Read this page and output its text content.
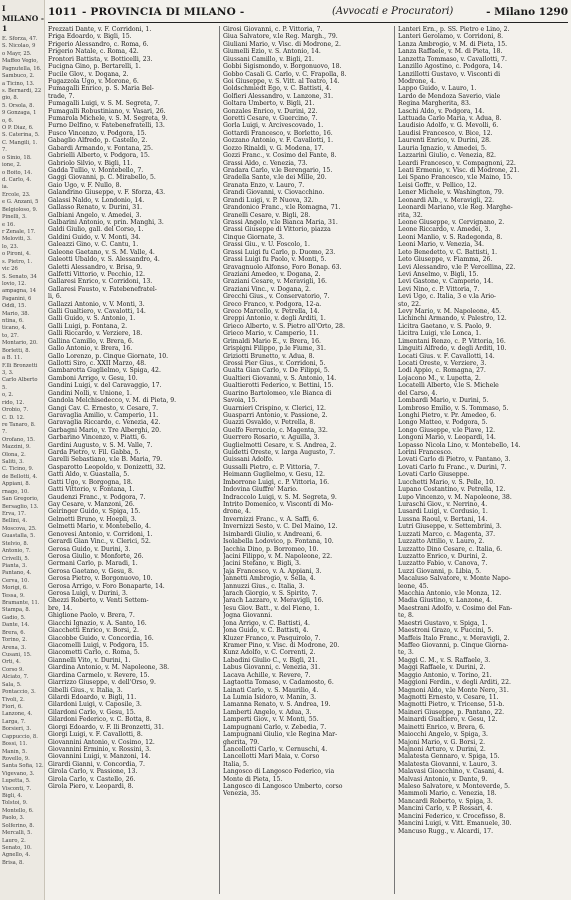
I MILANO - 1
E. Sforza, 47.
S. Nicolao, 9
o Mayr, 25.
Maffeo Vegio,
Pagnutella, 16.
Sambuco, 2.
a Ticino, 13.
s. Bernardi, 22
gio, 8.
5. Orsola, 8.
9 Gonzaga, 1
o, 6.
O P. Diaz, 6.
S. Caterina, 5.
C. Mangili, 1.
7.
o Sinio, 18.
ione, 2.
o Boito, 14.
d. Carlo, 4.
ia.
Ercole, 23.
e G. Anzani, 5
Belgioloso, 9.
Pinelli, 3.
e 16.
r Zenale, 17.
Meloviti, 3.
lo, 23.
o Pironi, 4.
s. Pietro, 1.
vic 26
S. Senato, 34
lovio, 12.
ampagna, 14
Paganini, 6
Oddi, 15.
Mario, 38.
ntina, 6.
ticano, 4.
to, 27.
Montario, 20.
Borletti, 8.
a B. 11.
F.lli Bronzetti
3, 3.
Carlo Alberto
5.
o, 2.
rido, 12.
Orobio, 7.
C. D. 12.
re Tanaro, 8.
7.
Orofano, 15.
Mazzini, 9.
Olona, 2.
Saliti, 3.
C. Ticino, 9.
de Bellotti, 4.
Appiani, 8.
rnago, 10.
San Gregorio,
Bersaglio, 13.
Erva, 17.
Bellini, 4.
Moscova, 25.
Guastalla, 5.
Stelvio, 8.
Antonio, 7.
Crivelli, 5.
Pianta, 3.
Pantano, 4.
Cerva, 10.
Morigi, 6.
Tessa, 9.
Bramante, 11.
Stampa, 8.
Gadio, 5.
Dante, 14.
Brera, 6.
Torino, 2.
Arena, 3.
Cusani, 15.
Orti, 4.
Corso 9.
Alciato, 7.
Sala, 5.
Pontaccio, 3.
Tivoli, 2.
Fiori, 6.
Lanzone, 4.
Larga, 7.
Borsieri, 3.
Cappuccio, 8.
Bossi, 11.
Manin, 5.
Rovello, 9.
Santa Sofia, 12.
Vigevano, 3.
Lupetta, 5.
Visconti, 7.
Bigli, 4.
Tolstoi, 9.
Montello, 6.
Paolo, 3.
Solferino, 8.
Mercalli, 5.
Lauro, 2.
Senato, 10.
Agnello, 4.
Brisa, 8.
1011 - PROVINCIA DI MILANO -	(Avvocati e Procuratori)	- Milano 1290
Frezzati Dante, v. F. Corridoni, 1.
Friga Edoardo, v. Bigli, 15.
Frigerio Alessandro, c. Roma, 6.
Frigerio Natale, c. Roma, 42.
Frontori Battista, v. Botticelli, 23.
Fucigna Gino, p. Bertarelli, 1.
Fucile Glov., v. Dogana, 2.
Fugazzola Ugo, v. Morone, 6.
Fumagalli Enrico, p. S. Maria Bel-
trade, 7.
Fumagalli Luigi, v. S. M. Segreta, 7.
Fumagalli Robustiniano, v. Vasari, 26.
Fumarola Michele, v. S. M. Segreta, 9.
Furno Delfino, v. Fatebenefratelli, 13.
Fusco Vincenzo, v. Podgora, 15.
Gabaglio Alfredo, p. Castello, 2.
Gabardi Armando, v. Fontana, 25.
Gabrielli Alberto, v. Podgora, 15.
Gabriolo Silvio, v. Bigli, 11.
Gadda Tullio, v. Montebello, 7.
Gaggi Giovanni, p. C. Mirabello, 5.
Gaio Ugo, v. F. Nullo, 8.
Galandrino Giuseppe, v. F. Sforza, 43.
Galassi Naldo, v. Londonio, 14.
Gallasso Renato, v. Durini, 31.
Galbiani Angelo, v. Amedei, 3.
Galbarini Antonio, v. prin. Manghi, 3.
Galdi Giulio, gall. del Corso, 1.
Galdini Guido, v. V. Monti, 34.
Galeazzi Gino, v. C. Cantu, 1.
Galeone Gaetano, v. S. M. Valle, 4.
Galeotti Ubaldo, v. S. Alessandro, 4.
Galetti Alessandro, v. Brisa, 9.
Galfetti Vittorio, v. Pecchio, 12.
Gallaresi Enrico, v. Corridoni, 13.
Gallaresi Fausto, v. Fatebenefratel-
li, 6.
Gallazzi Antonio, v. V. Monti, 3.
Galli Gualtiero, v. Cavalotti, 14.
Galli Guido, v. S. Antonio, 1.
Galli Luigi, p. Fontana, 2.
Galli Riccardo, v. Verziere, 18.
Gallina Camillo, v. Brera, 6.
Gallo Antonio, v. Brera, 16.
Gallo Lorenzo, p. Cinque Giornate, 10.
Gallotti Siro, c. XXII Marzo, 48.
Gambarotta Guglielmo, v. Spiga, 42.
Gamboni Arrigo, v. Gesu, 10.
Gandini Luigi, v. del Caravaggio, 17.
Gandini Nolli, v. Unione, 1.
Gandola Melchisedecco, v. M. di Pieta, 9.
Gangi Cav. C. Ernesto, v. Cesare, 7.
Garavaglia Amilio, v. Camperio, 11.
Garavaglia Riccardo, c. Venezia, 42.
Garbagni Mario, v. Tre Alberghi, 20.
Garbarino Vincenzo, v. Piatti, 6.
Gardini Augusto, v. S. M. Valle, 7.
Garda Pietro, v. Fil. Gabba, 5.
Garelli Sebastiano, v.le B. Maria, 79.
Gasparotto Leopoldo, v. Donizetti, 32.
Gatti Aldo, v. Guastalla, 5.
Gatti Ugo, v. Borgogna, 18.
Gatti Vittorio, v. Fontana, 1.
Gaudenzi Franc., v. Podgora, 7.
Gay Cesare, v. Manzoni, 26.
Geiringer Guido, v. Spiga, 15.
Gelmetti Bruno, v. Hoepli, 3.
Gelmetti Mario, v. Montebello, 4.
Genovesi Antonio, v. Corridoni, 1.
Gerardi Gian Vinc., v. Clerici, 52.
Gerosa Guido, v. Durini, 3.
Gerosa Giulio, v. Monforte, 26.
Germani Carlo, p. Maradi, 1.
Gerosa Gaetano, v. Gesu, 8.
Gerosa Pietro, v. Borgonuovo, 10.
Gerosa Arrigo, v. Foro Bonaparte, 14.
Gerosa Luigi, v. Durini, 3.
Ghezzi Roberto, v. Venti Settem-
bre, 14.
Ghiglione Paolo, v. Brera, 7.
Giacchi Ignazio, v. A. Santo, 16.
Giacchetti Enrico, v. Borsi, 2.
Giacobbe Guido, v. Concordia, 16.
Giacomelli Luigi, v. Podgora, 15.
Giacometti Carlo, c. Roma, 5.
Giannelli Vito, v. Durini, 1.
Giardina Antonio, v. M. Napoleone, 38.
Giardina Carmelo, v. Revere, 15.
Giarrizzo Giuseppe, v. dell'Orso, 9.
Gibelli Gius., v. Italia, 3.
Gilardi Edoardo, v. Bigli, 11.
Gilardoni Luigi, v. Caposile, 3.
Gilardoni Carlo, v. Gesu, 15.
Gilardoni Federico, v. C. Botta, 8.
Giorgi Edoardo, v. F. lli Bronzetti, 31.
Giorgi Luigi, v. F. Cavallotti, 8.
Giovannini Antonio, v. Cosimo, 12.
Giovannini Erminio, v. Rossini, 3.
Giovannini Luigi, v. Manzoni, 14.
Girardi Gianni, v. Concordia, 7.
Girola Carlo, v. Passione, 13.
Girola Carlo, v. Castello, 26.
Girola Piero, v. Leopardi, 8.
Girosi Giovanni, c. P. Vittoria, 7.
Giua Salvatore, v.le Reg. Margh., 79.
Giuliani Mario, v. Visc. di Modrone, 2.
Giumelli Ezio, v. S. Antonio, 14.
Giussani Camillo, v. Bigli, 21.
Gobbi Sigismondo, v. Borgonuovo, 18.
Gobbo Casali G. Carlo, v. C. Frapolla, 8.
Goi Giuseppe, v. S. Vitt. al Teatro, 14.
Goldschmiedt Ego, v. C. Battisti, 4.
Golfieri Alessandro, v. Lanzone, 31.
Goltara Umberto, v. Bigli, 21.
Gonzales Enrico, v. Durini, 22.
Goretti Cesare, v. Guercino, 7.
Gorla Luigi, v. Arcivescovado, 1.
Gottardi Francesco, v. Borletto, 16.
Gozzano Antonio, v. F. Cavallotti, 1.
Gozzo Rinaldi, v. G. Modena, 17.
Gozzi Franc., v. Cosimo del Fante, 8.
Grassi Aldo, c. Venezia, 73.
Gradara Carlo, v.le Berengario, 15.
Gradella Sante, v.le dei Mille, 20.
Granata Enzo, v. Lauro, 7.
Grandi Giovanni, v. Ciovacchino.
Grandi Luigi, v. P. Nuova, 32.
Grandonico Franc., v.le Romagna, 71.
Granelli Cesare, v. Bigli, 28.
Grassi Angelo, v.le Bianca Maria, 31.
Grassi Giuseppe di Vittorio, piazza
Cinque Giornate, 3.
Grassi Giu., v. U. Foscolo, 1.
Grassi Luigi fu Carlo, p. Duomo, 23.
Grassi Luigi fu Paolo, v. Monti, 5.
Gravagnuolo Alfonso, Foro Bonap. 63.
Graziani Amedeo, v. Dogana, 2.
Graziani Cesare, v. Meravigli, 16.
Graziani Vinc., v. Dogana, 2.
Grecchi Gius., v. Conservatorio, 7.
Greco Franco, v. Podgora, 12-a.
Greco Marcello, v. Petrella, 14.
Greppi Antonio, v. degli Arditi, 1.
Grieco Alberto, v. S. Pietro all'Orto, 28.
Grieco Mario, v. Camperio, 11.
Grimaldi Mario E., v. Brera, 16.
Grispigni Filippo, p.le Fiume, 31.
Griziotti Brunetto, v. Adua, 8.
Grossi Pier Gius., v. Corridoni, 5.
Gualta Gian Carlo, v. De Filippi, 5.
Gualtieri Giovanni, v. S. Antonio, 14.
Gualtierotti Federico, v. Bettini, 15.
Guarino Bartolomeo, v.le Bianca di
Savoia, 15.
Guarnieri Crispino, v. Clerici, 12.
Guasparri Antonio, v. Passione, 2.
Guazzi Osvaldo, v. Petrella, 8.
Guelfo Ferruccio, c. Magenta, 32.
Guerrero Rosario, v. Aguilla, 3.
Guglielmotti Cesare, v. S. Andrea, 2.
Guidetti Oreste, v. larga Augusto, 7.
Guissani Adolfo.
Gussalli Pietro, c. P. Vittoria, 7.
Heimann Guglielmo, v. Gesu, 12.
Imborrone Luigi, c. P. Vittoria, 16.
Indovina Giuffre' Mario.
Indraccolo Luigi, v. S. M. Segreta, 9.
Intrito Domenico, v. Visconti di Mo-
drone, 4.
Invernizzi Franc., v. A. Saffi, 6.
Invernizzi Sesto, v. C. Del Maino, 12.
Isimbardi Giulio, v. Andreani, 6.
Isolabella Lodovico, p. Fontana, 10.
Jacchia Dino, p. Borromeo, 10.
Jacini Filippo, v. M. Napoleone, 22.
Jacini Stefano, v. Bigli, 3.
Jaja Francesco, v. A. Appiani, 3.
Jannetti Ambrogio, v. Sella, 4.
Jannuzzi Gius., c. Italia, 3.
Jarach Giorgio, v. S. Spirito, 7.
Jarach Lazzaro, v. Meravigli, 16.
Jesu Giov. Batt., v. del Fieno, 1.
Jogna Giovanni.
Jona Arrigo, v. C. Battisti, 4.
Jona Guido, v. C. Battisti, 4.
Kluzer Franco, v. Pasquirolo, 7.
Kramer Pino, v. Visc. di Modrone, 20.
Kunz Adolfo, v. C. Correnti, 2.
Labadini Giulio C., v. Bigli, 21.
Labus Giovanni, c. Venezia, 31.
Lacava Achille, v. Revere, 7.
Lagtaotta Tomaso, v. Cadamosto, 6.
Lainati Carlo, v. S. Maurilio, 4.
La Lumia Isidoro, v. Manin, 3.
Lamanna Renato, v. S. Andrea, 19.
Lamberti Angelo, v. Adua, 3.
Lamperti Giov., v. V. Monti, 55.
Lampugnani Carlo, v. Zebedia, 7.
Lampugnani Giulio, v.le Regina Mar-
gherita, 79.
Lancellotti Carlo, v. Cernuschi, 4.
Lancellotti Mari Maia, v. Corso
Italia, 5.
Langosco di Langosco Federico, via
Monte di Pieta, 15.
Langosco di Langosco Umberto, corso
Venezia, 35.
Lanteri Ern., p. SS. Pietro e Lino, 2.
Lanteri Gerolamo, v. Corridoni, 8.
Lanza Ambrogio, v. M. di Pieta, 15.
Lanza Raffaele, v. M. di Pieta, 18.
Lanzetta Tommaso, v. Cavallotti, 7.
Lanzillo Agostino, c. Podgora, 14.
Lanzillotti Gustavo, v. Visconti di
Modrone, 4.
Lappo Guido, v. Lauro, 1.
Lardo de Mendoza Saverio, viale
Regina Margherita, 83.
Laschi Aldo, v. Podgora, 14.
Lattuada Carlo Maria, v. Adua, 8.
Laudisio Adolfo, v. G. Mevolli, 6.
Laudisi Francesco, v. Bice, 12.
Laurenti Enrico, v. Durini, 28.
Laurìa Ignazio, v. Amedei, 5.
Lazzarini Giulio, c. Venezia, 82.
Leardi Francesco, v. Compagnoni, 22.
Leati Ermenio, v. Visc. di Modrone, 21.
Lei Spano Francesco, v.le Maino, 15.
Leisi Goffr., v. Pellico, 12.
Lener Michele, v. Washington, 79.
Leonardi Alb., v. Meravigli, 22.
Leonardi Mariano, v.le Reg. Marghe-
rita, 32.
Leone Giuseppe, v. Cervignano, 2.
Leone Riccardo, v. Amedei, 3.
Leoni Manlio, v. S. Radegonda, 8.
Leoni Mario, v. Venezia, 34.
Leto Benedetto, v. C. Battisti, 1.
Leto Giuseppe, v. Fiamma, 26.
Levi Alessandro, v.le P. Vercellina, 22.
Levi Anselmo, v. Bigli, 15.
Levi Gastone, v. Camperio, 14.
Levi Nino, c. P. Vittoria, 7.
Levi Ugo, c. Italia, 3 e v.la Ario-
sto, 22.
Levy Mario, v. M. Napoleone, 45.
Lichinchi Armando, v. Palestro, 12.
Licitra Gaetano, v. S. Paolo, 9.
Licitra Luigi, v.le Lonca, 1.
Limentani Renzo, c. P. Vittoria, 16.
Linguiti Alfredo, v. degli Arditi, 10.
Locati Gius. v. F. Cavallotti, 14.
Locati Oreste, v. Verziere, 3.
Lodi Appio, c. Romagna, 27.
Lojacono M., v. Lupetta, 2.
Locatelli Alberto, v.le S. Michele
del Carso, 4.
Lombardi Mario, v. Durini, 5.
Lombroso Emilio, v. S. Tommaso, 5.
Longhi Pietro, v. Pr. Amedeo, 6.
Longo Matteo, v. Podgora, 5.
Longo Giuseppe, v.le Piave, 12.
Longoni Mario, v. Leopardi, 14.
Lopasso Nicola Lino, v. Montebello, 14.
Lorini Francesco.
Lovati Carlo di Pietro, v. Pantano, 3.
Lovati Carlo fu Franc., v. Durini, 7.
Lovati Carlo Giuseppe.
Lucchetti Mario, v. S. Pelle, 10.
Lupano Costantino, v. Petrella, 12.
Lupo Vincenzo, v. M. Napoleone, 38.
Luraschi Giov., v. Nerrino, 4.
Lusardi Luigi, v. Cordusio, 1.
Lussna Raoul, v. Bertani, 14.
Lutri Giuseppe, v. Settembrini, 3.
Luzzati Marco, c. Magenta, 37.
Luzzatto Attilio, v. Lauro, 2.
Luzzatto Dino Cesare, c. Italia, 6.
Luzzatto Enrico, v. Durini, 2.
Luzzatto Fabio, v. Canova, 7.
Luzzi Giovanni, p. Libia, 5.
Macaluso Salvatore, v. Monte Napo-
leone, 45.
Macchia Antonio, v.le Monza, 12.
Madia Giustino, v. Lanzone, 4.
Maestrani Adolfo, v. Cosimo del Fan-
te, 8.
Maestri Gustavo, v. Spiga, 1.
Maestroni Grazo, v. Puccini, 5.
Maffeis Italo Franc., v. Meravigli, 2.
Maffeo Giovanni, p. Cinque Giorna-
te, 3.
Maggi C. M., v. S. Raffaele, 3.
Maggi Raffaele, v. Durini, 2.
Maggio Antonio, v. Torino, 21.
Maggioni Ferdin., v. degli Arditi, 22.
Magnoni Aldo, v.le Monte Nero, 31.
Magnotti Ernesto, v. Cesare, 11.
Magnotti Pietro, v. Tricense, 51-b.
Maineri Giuseppe, p. Pantano, 22.
Mainardi Gualtiero, v. Gesu, 12.
Mainetti Enrico, v. Brera, 6.
Maiocchi Angelo, v. Spiga, 3.
Majoni Mario, v. G. Borsi, 2.
Majnoni Arturo, v. Durini, 2.
Malatesta Gennaro, v. Spiga, 15.
Malatesta Giovanni, v. Lauro, 3.
Malavasi Gioacchino, v. Casani, 4.
Malvasi Antonio, v. Dante, 9.
Maleso Salvatore, v. Monteverde, 5.
Mammoli Mario, c. Venezia, 18.
Mancardi Roberto, v. Spiga, 3.
Mancini Carlo, v. P. Rossari, 4.
Mancini Federico, v. Crocefisso, 8.
Mancini Luigi, v. Vitt. Emanuele, 30.
Mancuso Rugg., v. Alcardi, 17.
